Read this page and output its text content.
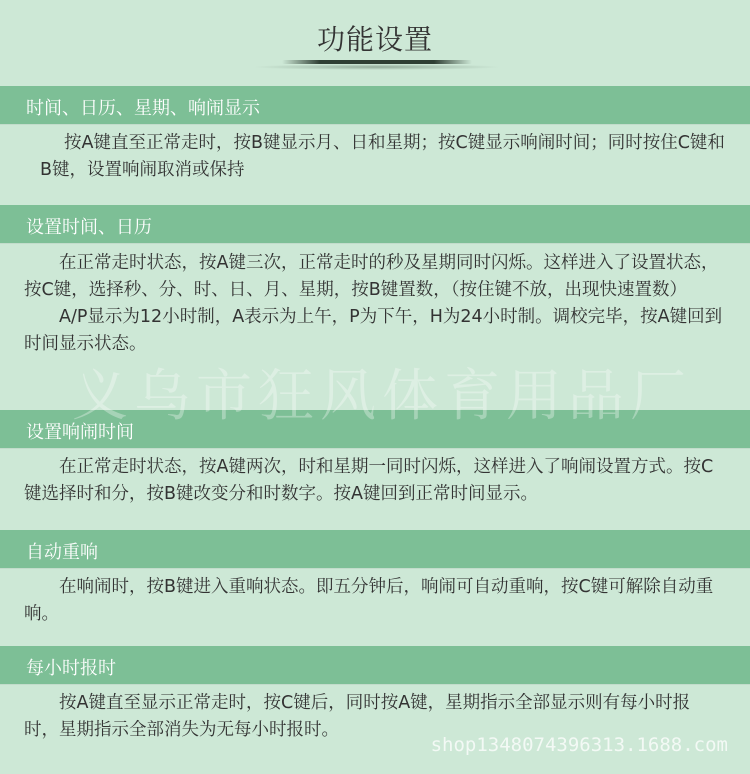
功能设置
时间、日历、星期、响闹显示

按A键直至正常走时，按B键显示月、日和星期；按C键显示响闹时间；同时按住C键和B键，设置响闹取消或保持

设置时间、日历

在正常走时状态，按A键三次，正常走时的秒及星期同时闪烁。这样进入了设置状态，按C键，选择秒、分、时、日、月、星期，按B键置数，（按住键不放，出现快速置数）

A/P显示为12小时制，A表示为上午，P为下午，H为24小时制。调校完毕，按A键回到时间显示状态。

设置响闹时间

在正常走时状态，按A键两次，时和星期一同时闪烁，这样进入了响闹设置方式。按C键选择时和分，按B键改变分和时数字。按A键回到正常时间显示。

自动重响

在响闹时，按B键进入重响状态。即五分钟后，响闹可自动重响，按C键可解除自动重响。

每小时报时

按A键直至显示正常走时，按C键后，同时按A键，星期指示全部显示则有每小时报时，星期指示全部消失为无每小时报时。

义乌市狂风体育用品厂
shop1348074396313.1688.com
